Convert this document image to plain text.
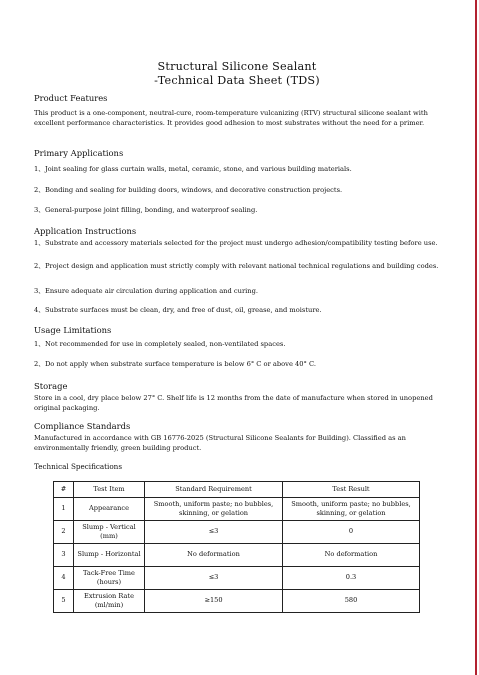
Structural Silicone Sealant
-Technical Data Sheet (TDS)
Product Features
This product is a one-component, neutral-cure, room-temperature vulcanizing (RTV) structural silicone sealant with excellent performance characteristics. It provides good adhesion to most substrates without the need for a primer.
Primary Applications
1、Joint sealing for glass curtain walls, metal, ceramic, stone, and various building materials.
2、Bonding and sealing for building doors, windows, and decorative construction projects.
3、General-purpose joint filling, bonding, and waterproof sealing.
Application Instructions
1、Substrate and accessory materials selected for the project must undergo adhesion/compatibility testing before use.
2、Project design and application must strictly comply with relevant national technical regulations and building codes.
3、Ensure adequate air circulation during application and curing.
4、Substrate surfaces must be clean, dry, and free of dust, oil, grease, and moisture.
Usage Limitations
1、Not recommended for use in completely sealed, non-ventilated spaces.
2、Do not apply when substrate surface temperature is below 6° C or above 40° C.
Storage
Store in a cool, dry place below 27° C. Shelf life is 12 months from the date of manufacture when stored in unopened original packaging.
Compliance Standards
Manufactured in accordance with GB 16776-2025 (Structural Silicone Sealants for Building). Classified as an environmentally friendly, green building product.
Technical Specifications
#	Test Item	Standard Requirement	Test Result
1	Appearance	Smooth, uniform paste; no bubbles, skinning, or gelation	Smooth, uniform paste; no bubbles, skinning, or gelation
2	Slump - Vertical (mm)	≤3	0
3	Slump - Horizontal	No deformation	No deformation
4	Tack-Free Time (hours)	≤3	0.3
5	Extrusion Rate (ml/min)	≥150	580
